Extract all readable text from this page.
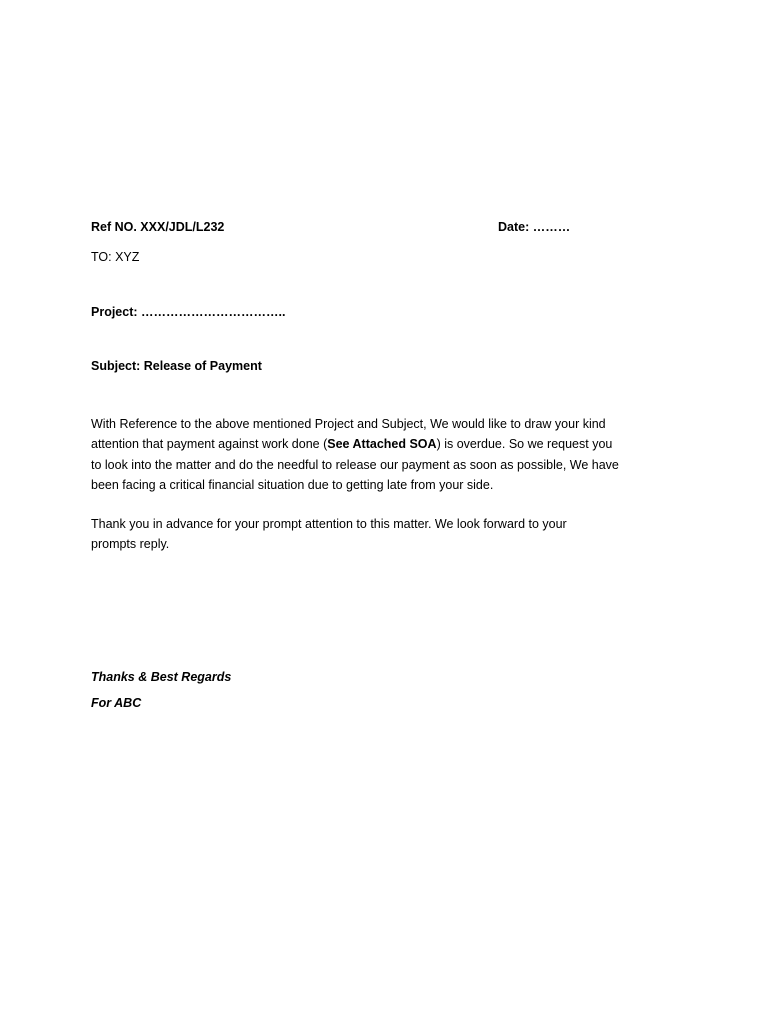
Ref NO. XXX/JDL/L232	Date: ………
TO: XYZ
Project: ……………………………..
Subject: Release of Payment
With Reference to the above mentioned Project and Subject, We would like to draw your kind
attention that payment against work done (See Attached SOA) is overdue. So we request you
to look into the matter and do the needful to release our payment as soon as possible, We have
been facing a critical financial situation due to getting late from your side.
Thank you in advance for your prompt attention to this matter. We look forward to your
prompts reply.
Thanks & Best Regards
For ABC
